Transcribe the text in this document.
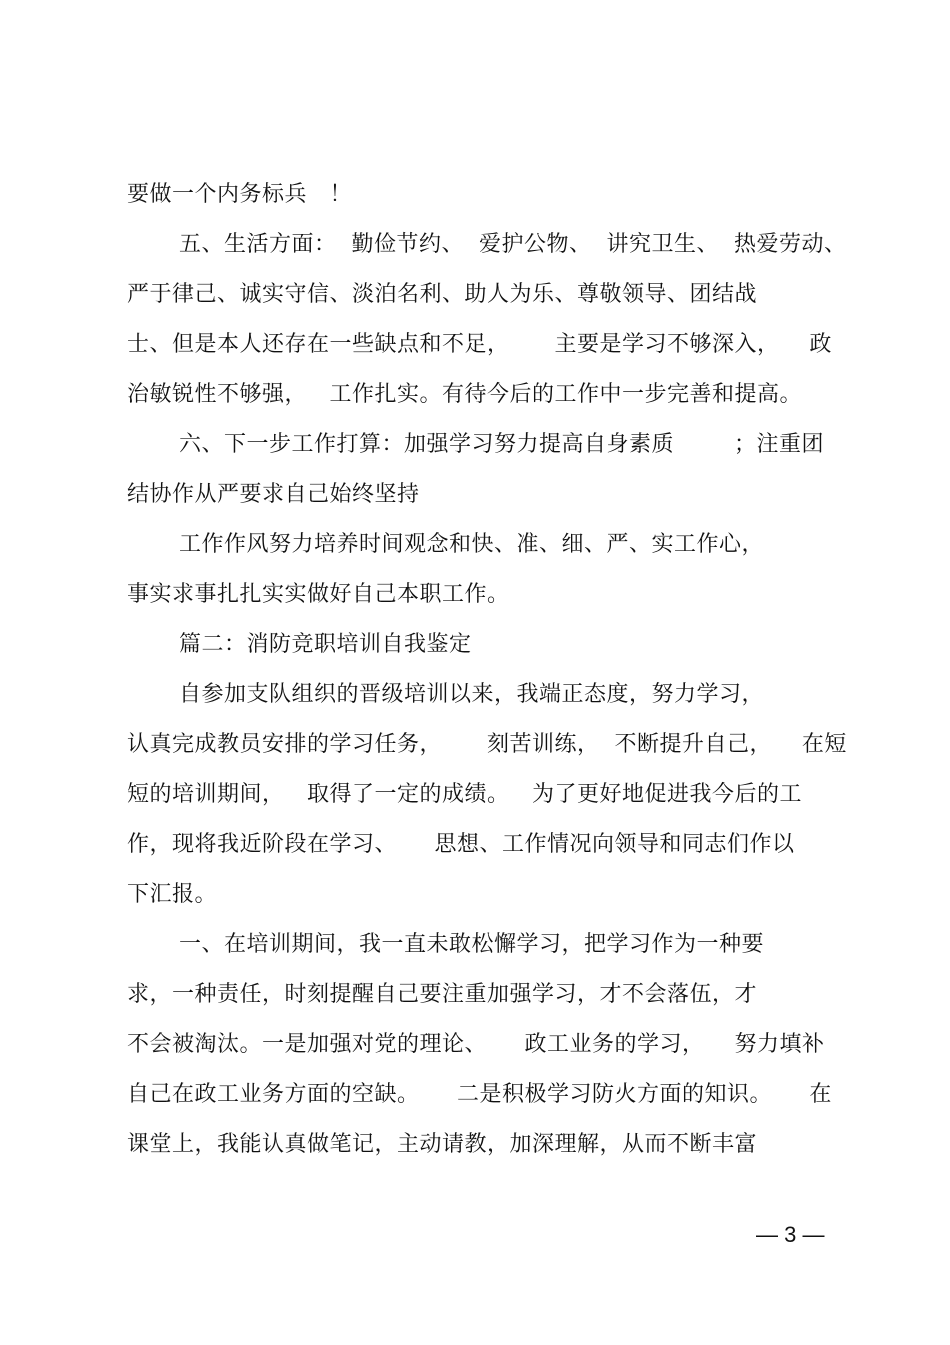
要做一个内务标兵   ！
五、生活方面：  勤俭节约、  爱护公物、  讲究卫生、  热爱劳动、
严于律己、诚实守信、淡泊名利、助人为乐、尊敬领导、团结战
士、但是本人还存在一些缺点和不足，      主要是学习不够深入，    政
治敏锐性不够强，   工作扎实。有待今后的工作中一步完善和提高。
六、下一步工作打算：加强学习努力提高自身素质        ；注重团
结协作从严要求自己始终坚持
工作作风努力培养时间观念和快、准、细、严、实工作心，
事实求事扎扎实实做好自己本职工作。
篇二：消防竞职培训自我鉴定
自参加支队组织的晋级培训以来，我端正态度，努力学习，
认真完成教员安排的学习任务，      刻苦训练，  不断提升自己，    在短
短的培训期间，   取得了一定的成绩。   为了更好地促进我今后的工
作，现将我近阶段在学习、     思想、工作情况向领导和同志们作以
下汇报。
一、在培训期间，我一直未敢松懈学习，把学习作为一种要
求，一种责任，时刻提醒自己要注重加强学习，才不会落伍，才
不会被淘汰。一是加强对党的理论、     政工业务的学习，    努力填补
自己在政工业务方面的空缺。     二是积极学习防火方面的知识。     在
课堂上，我能认真做笔记，主动请教，加深理解，从而不断丰富
— 3 —
